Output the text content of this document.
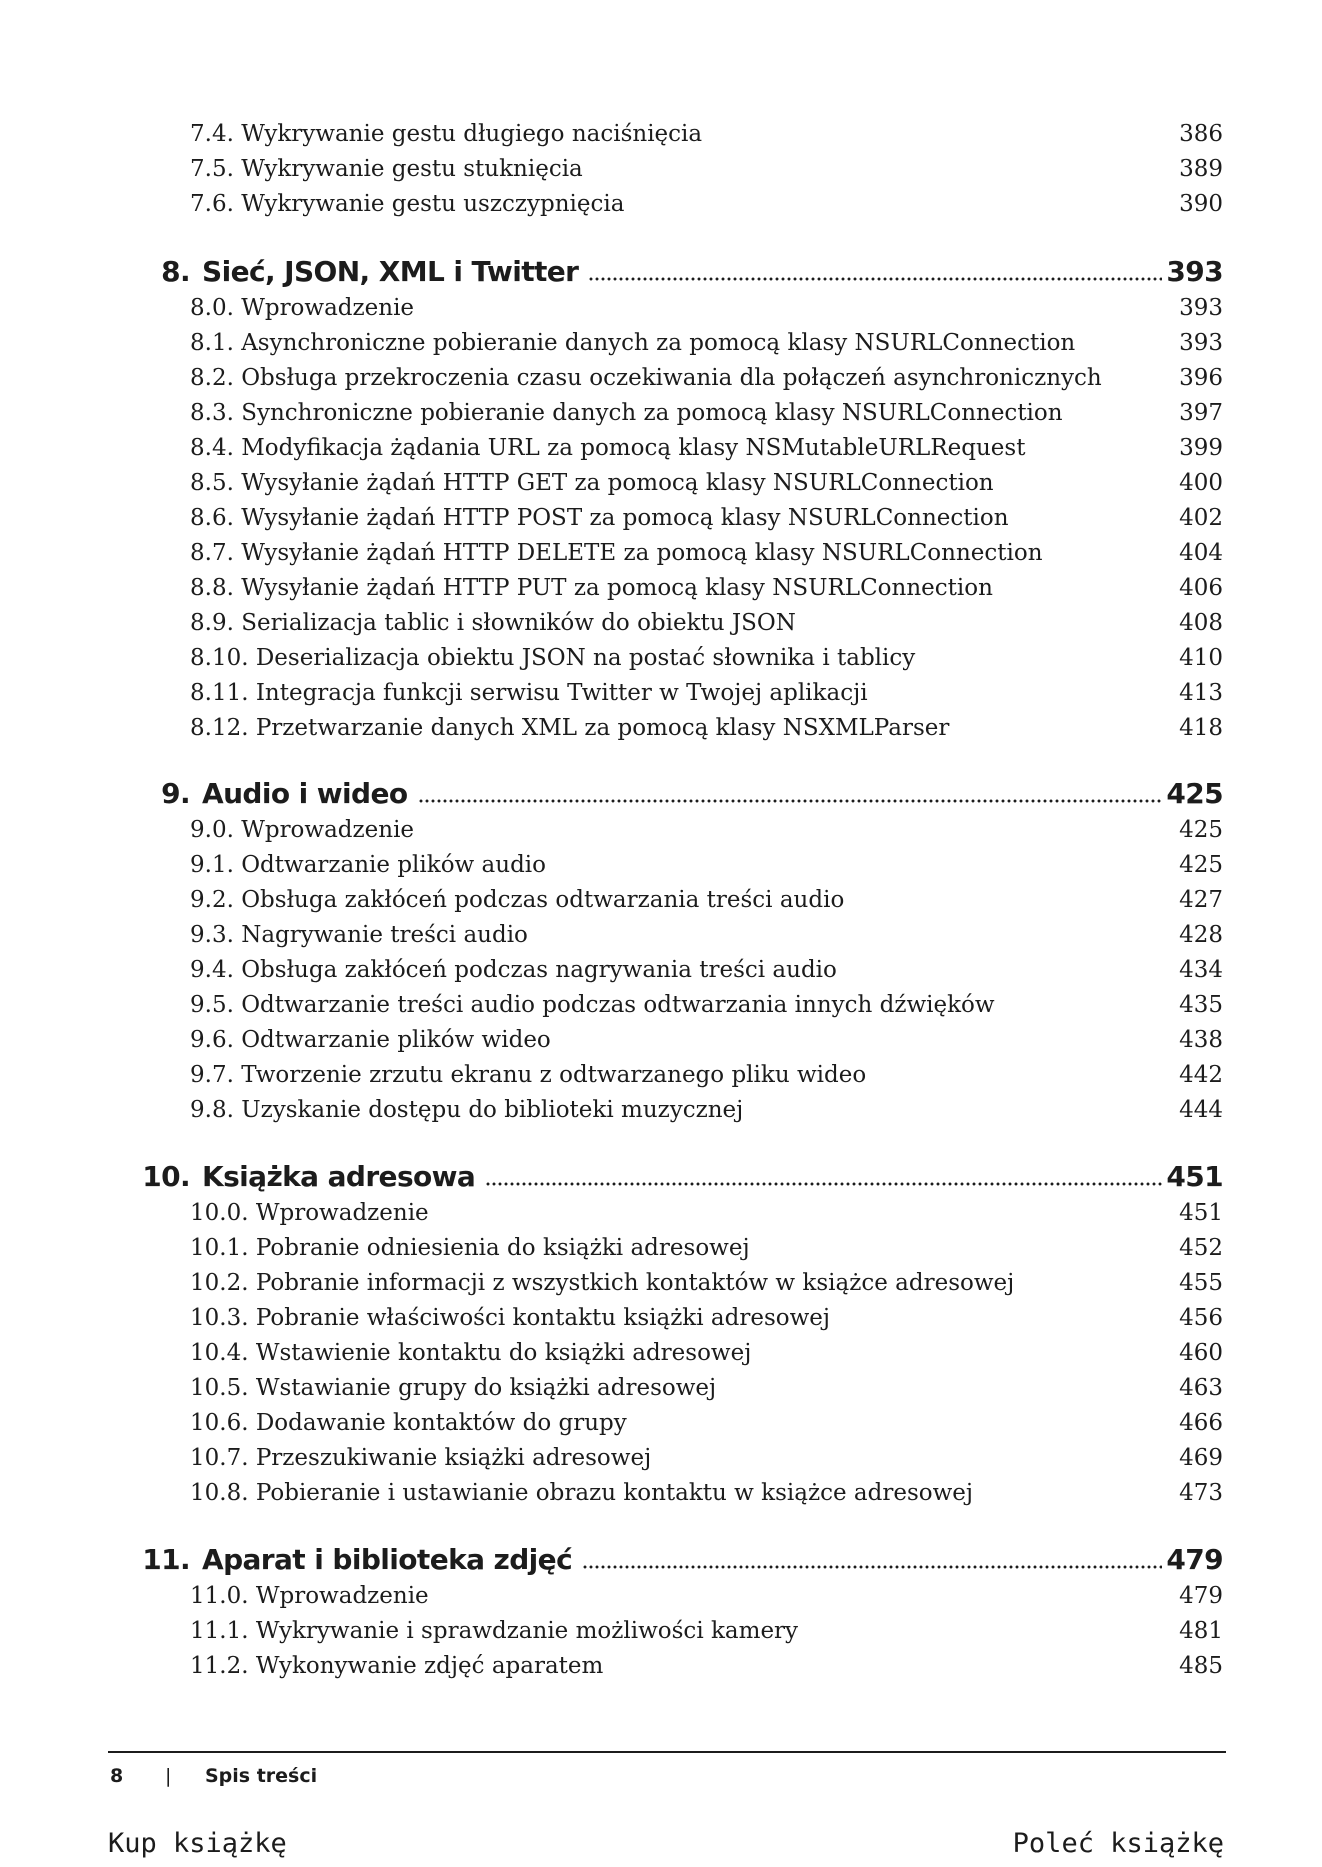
7.4. Wykrywanie gestu długiego naciśnięcia	386
7.5. Wykrywanie gestu stuknięcia	389
7.6. Wykrywanie gestu uszczypnięcia	390
8. Sieć, JSON, XML i Twitter	393
8.0. Wprowadzenie	393
8.1. Asynchroniczne pobieranie danych za pomocą klasy NSURLConnection	393
8.2. Obsługa przekroczenia czasu oczekiwania dla połączeń asynchronicznych	396
8.3. Synchroniczne pobieranie danych za pomocą klasy NSURLConnection	397
8.4. Modyfikacja żądania URL za pomocą klasy NSMutableURLRequest	399
8.5. Wysyłanie żądań HTTP GET za pomocą klasy NSURLConnection	400
8.6. Wysyłanie żądań HTTP POST za pomocą klasy NSURLConnection	402
8.7. Wysyłanie żądań HTTP DELETE za pomocą klasy NSURLConnection	404
8.8. Wysyłanie żądań HTTP PUT za pomocą klasy NSURLConnection	406
8.9. Serializacja tablic i słowników do obiektu JSON	408
8.10. Deserializacja obiektu JSON na postać słownika i tablicy	410
8.11. Integracja funkcji serwisu Twitter w Twojej aplikacji	413
8.12. Przetwarzanie danych XML za pomocą klasy NSXMLParser	418
9. Audio i wideo	425
9.0. Wprowadzenie	425
9.1. Odtwarzanie plików audio	425
9.2. Obsługa zakłóceń podczas odtwarzania treści audio	427
9.3. Nagrywanie treści audio	428
9.4. Obsługa zakłóceń podczas nagrywania treści audio	434
9.5. Odtwarzanie treści audio podczas odtwarzania innych dźwięków	435
9.6. Odtwarzanie plików wideo	438
9.7. Tworzenie zrzutu ekranu z odtwarzanego pliku wideo	442
9.8. Uzyskanie dostępu do biblioteki muzycznej	444
10. Książka adresowa	451
10.0. Wprowadzenie	451
10.1. Pobranie odniesienia do książki adresowej	452
10.2. Pobranie informacji z wszystkich kontaktów w książce adresowej	455
10.3. Pobranie właściwości kontaktu książki adresowej	456
10.4. Wstawienie kontaktu do książki adresowej	460
10.5. Wstawianie grupy do książki adresowej	463
10.6. Dodawanie kontaktów do grupy	466
10.7. Przeszukiwanie książki adresowej	469
10.8. Pobieranie i ustawianie obrazu kontaktu w książce adresowej	473
11. Aparat i biblioteka zdjęć	479
11.0. Wprowadzenie	479
11.1. Wykrywanie i sprawdzanie możliwości kamery	481
11.2. Wykonywanie zdjęć aparatem	485
8 | Spis treści
Kup książkę	Poleć książkę
